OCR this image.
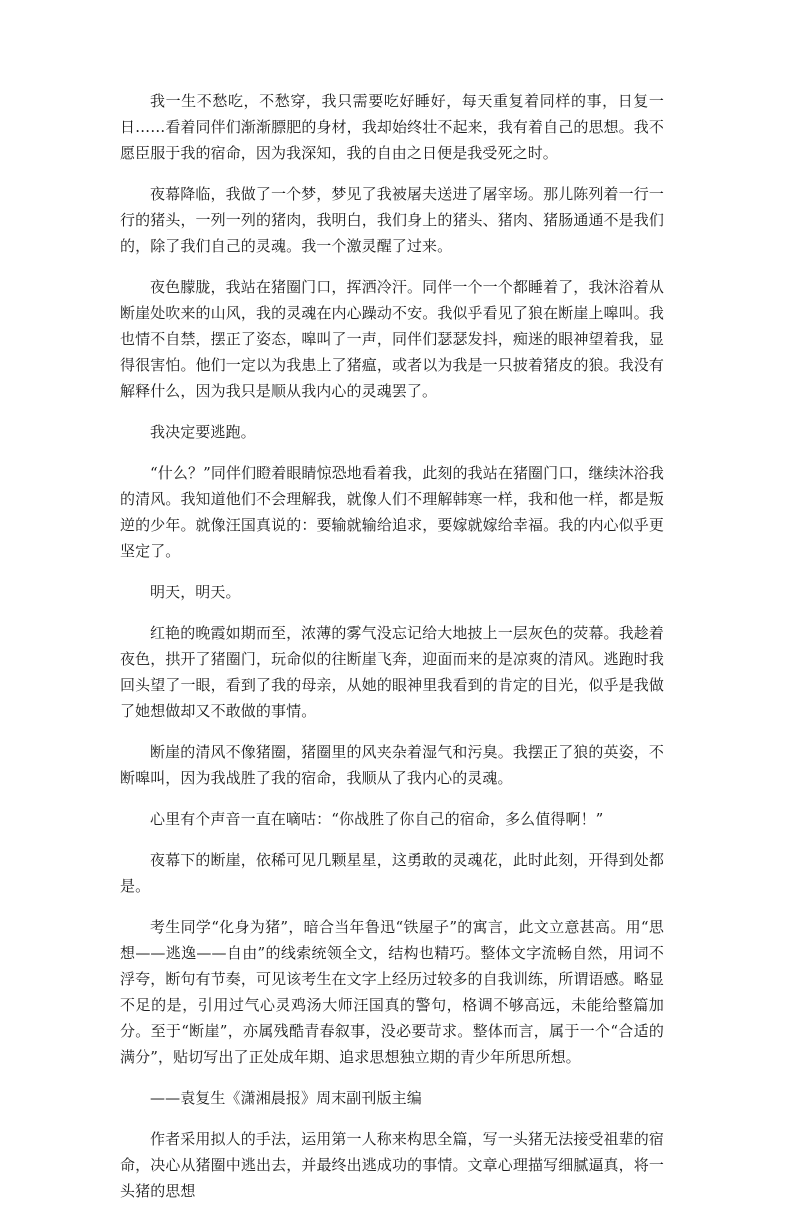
我一生不愁吃，不愁穿，我只需要吃好睡好，每天重复着同样的事，日复一日……看着同伴们渐渐膘肥的身材，我却始终壮不起来，我有着自己的思想。我不愿臣服于我的宿命，因为我深知，我的自由之日便是我受死之时。

夜幕降临，我做了一个梦，梦见了我被屠夫送进了屠宰场。那儿陈列着一行一行的猪头，一列一列的猪肉，我明白，我们身上的猪头、猪肉、猪肠通通不是我们的，除了我们自己的灵魂。我一个激灵醒了过来。

夜色朦胧，我站在猪圈门口，挥洒冷汗。同伴一个一个都睡着了，我沐浴着从断崖处吹来的山风，我的灵魂在内心躁动不安。我似乎看见了狼在断崖上嗥叫。我也情不自禁，摆正了姿态，嗥叫了一声，同伴们瑟瑟发抖，痴迷的眼神望着我，显得很害怕。他们一定以为我患上了猪瘟，或者以为我是一只披着猪皮的狼。我没有解释什么，因为我只是顺从我内心的灵魂罢了。

我决定要逃跑。

“什么？”同伴们瞪着眼睛惊恐地看着我，此刻的我站在猪圈门口，继续沐浴我的清风。我知道他们不会理解我，就像人们不理解韩寒一样，我和他一样，都是叛逆的少年。就像汪国真说的：要输就输给追求，要嫁就嫁给幸福。我的内心似乎更坚定了。

明天，明天。

红艳的晚霞如期而至，浓薄的雾气没忘记给大地披上一层灰色的荧幕。我趁着夜色，拱开了猪圈门，玩命似的往断崖飞奔，迎面而来的是凉爽的清风。逃跑时我回头望了一眼，看到了我的母亲，从她的眼神里我看到的肯定的目光，似乎是我做了她想做却又不敢做的事情。

断崖的清风不像猪圈，猪圈里的风夹杂着湿气和污臭。我摆正了狼的英姿，不断嗥叫，因为我战胜了我的宿命，我顺从了我内心的灵魂。

心里有个声音一直在嘀咕：“你战胜了你自己的宿命，多么值得啊！”

夜幕下的断崖，依稀可见几颗星星，这勇敢的灵魂花，此时此刻，开得到处都是。

考生同学“化身为猪”，暗合当年鲁迅“铁屋子”的寓言，此文立意甚高。用“思想——逃逸——自由”的线索统领全文，结构也精巧。整体文字流畅自然，用词不浮夸，断句有节奏，可见该考生在文字上经历过较多的自我训练，所谓语感。略显不足的是，引用过气心灵鸡汤大师汪国真的警句，格调不够高远，未能给整篇加分。至于“断崖”，亦属残酷青春叙事，没必要苛求。整体而言，属于一个“合适的满分”，贴切写出了正处成年期、追求思想独立期的青少年所思所想。

——袁复生《潇湘晨报》周末副刊版主编

作者采用拟人的手法，运用第一人称来构思全篇，写一头猪无法接受祖辈的宿命，决心从猪圈中逃出去，并最终出逃成功的事情。文章心理描写细腻逼真，将一头猪的思想
